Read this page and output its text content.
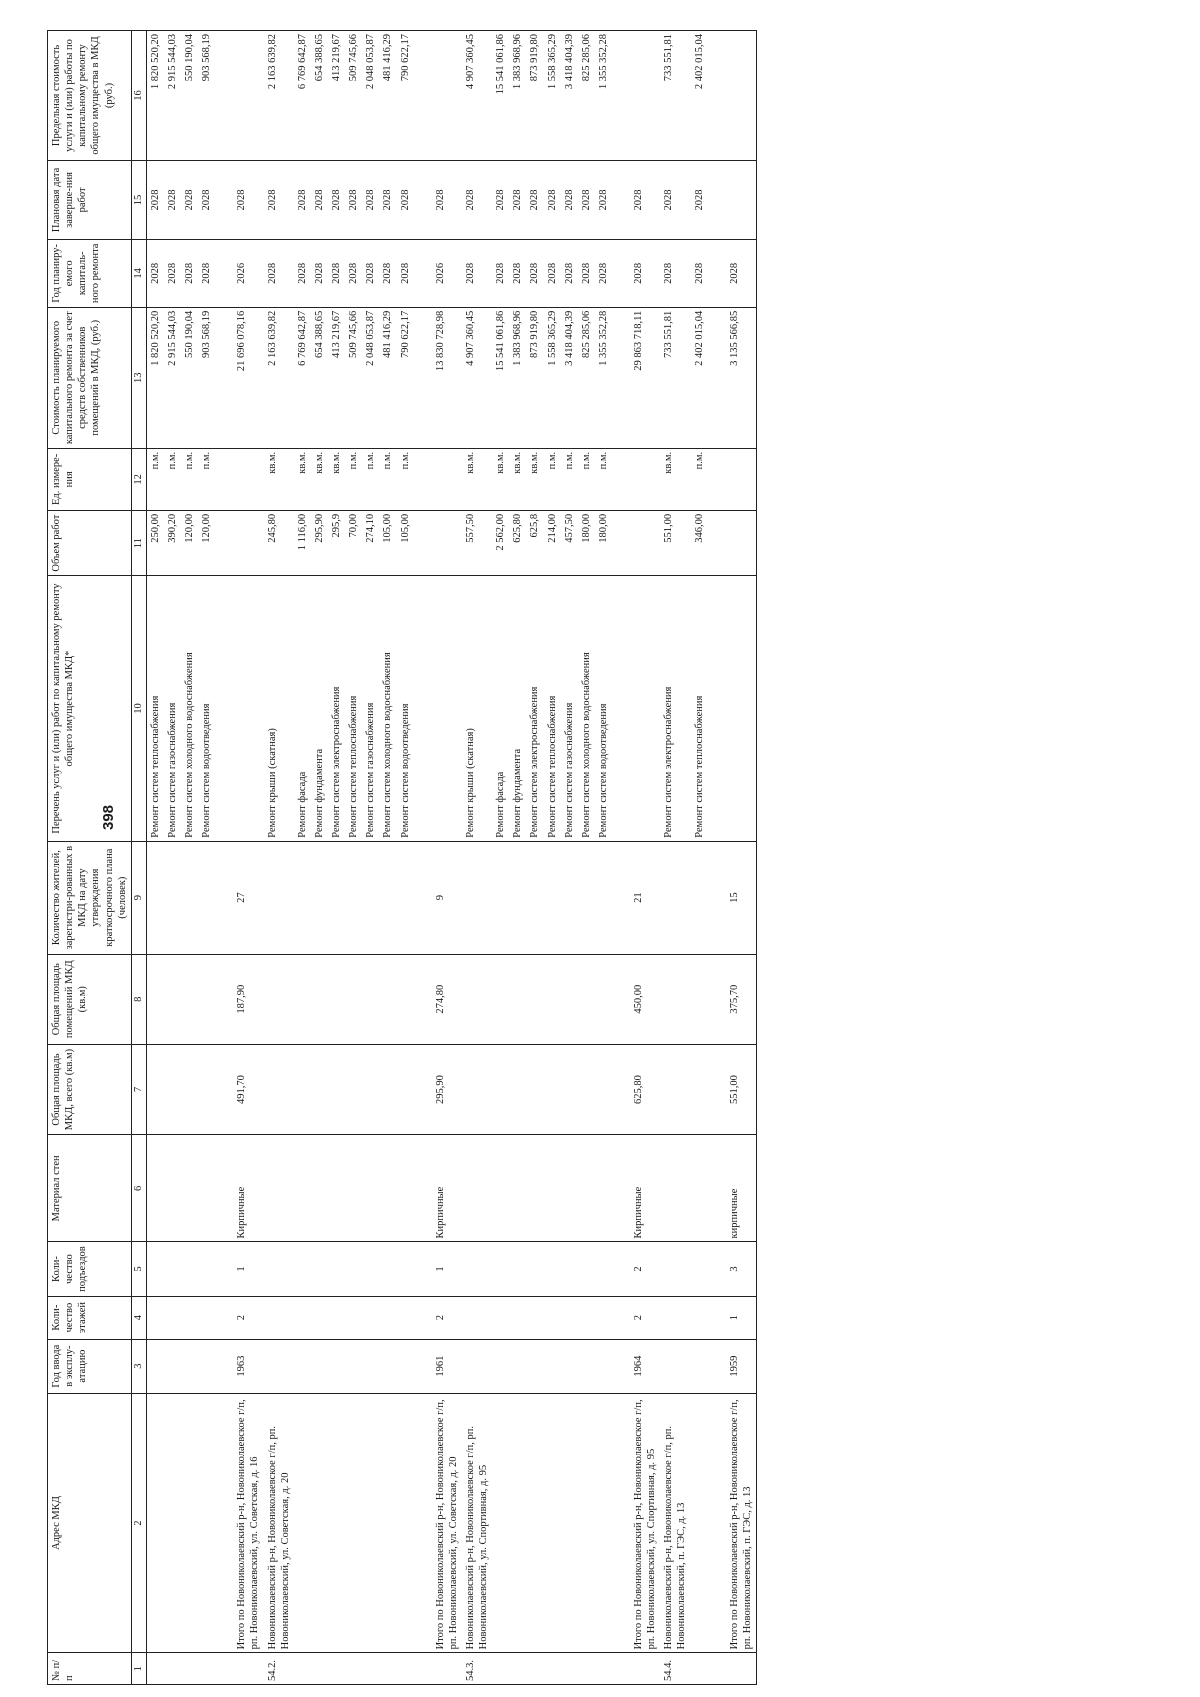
398
№ п/п	Адрес МКД	Год ввода в эксплу-атацию	Коли-чество этажей	Коли-чество подъездов	Материал стен	Общая площадь МКД, всего (кв.м)	Общая площадь помещений МКД (кв.м)	Количество жителей, зарегистри-рованных в МКД на дату утверждения краткосрочного плана (человек)	Перечень услуг и (или) работ по капитальному ремонту общего имущества МКД*	Объем работ	Ед. измере-ния	Стоимость планируемого капитального ремонта за счет средств собственников помещений в МКД, (руб.)	Год планиру-емого капиталь-ного ремонта	Плановая дата заверше-ния работ	Предельная стоимость услуги и (или) работы по капитальному ремонту общего имущества в МКД (руб.)
1	2	3	4	5	6	7	8	9	10	11	12	13	14	15	16
									Ремонт систем теплоснабжения	250,00	п.м.	1 820 520,20	2028	2028	1 820 520,20
									Ремонт систем газоснабжения	390,20	п.м.	2 915 544,03	2028	2028	2 915 544,03
									Ремонт систем холодного водоснабжения	120,00	п.м.	550 190,04	2028	2028	550 190,04
									Ремонт систем водоотведения	120,00	п.м.	903 568,19	2028	2028	903 568,19

	Итого по Новониколаевский р-н, Новониколаевское г/п, рп. Новониколаевский, ул. Советская, д. 16	1963	2	1	Кирпичные	491,70	187,90	27				21 696 078,16	2026	2028	
54.2.	Новониколаевский р-н, Новониколаевское г/п, рп. Новониколаевский, ул. Советская, д. 20								Ремонт крыши (скатная)	245,80	кв.м.	2 163 639,82	2028	2028	2 163 639,82
									Ремонт фасада	1 116,00	кв.м.	6 769 642,87	2028	2028	6 769 642,87
									Ремонт фундамента	295,90	кв.м.	654 388,65	2028	2028	654 388,65
									Ремонт систем электроснабжения	295,9	кв.м.	413 219,67	2028	2028	413 219,67
									Ремонт систем теплоснабжения	70,00	п.м.	509 745,66	2028	2028	509 745,66
									Ремонт систем газоснабжения	274,10	п.м.	2 048 053,87	2028	2028	2 048 053,87
									Ремонт систем холодного водоснабжения	105,00	п.м.	481 416,29	2028	2028	481 416,29
									Ремонт систем водоотведения	105,00	п.м.	790 622,17	2028	2028	790 622,17

	Итого по Новониколаевский р-н, Новониколаевское г/п, рп. Новониколаевский, ул. Советская, д. 20	1961	2	1	Кирпичные	295,90	274,80	9				13 830 728,98	2026	2028	
54.3.	Новониколаевский р-н, Новониколаевское г/п, рп. Новониколаевский, ул. Спортивная, д. 95								Ремонт крыши (скатная)	557,50	кв.м.	4 907 360,45	2028	2028	4 907 360,45
									Ремонт фасада	2 562,00	кв.м.	15 541 061,86	2028	2028	15 541 061,86
									Ремонт фундамента	625,80	кв.м.	1 383 968,96	2028	2028	1 383 968,96
									Ремонт систем электроснабжения	625,8	кв.м.	873 919,80	2028	2028	873 919,80
									Ремонт систем теплоснабжения	214,00	п.м.	1 558 365,29	2028	2028	1 558 365,29
									Ремонт систем газоснабжения	457,50	п.м.	3 418 404,39	2028	2028	3 418 404,39
									Ремонт систем холодного водоснабжения	180,00	п.м.	825 285,06	2028	2028	825 285,06
									Ремонт систем водоотведения	180,00	п.м.	1 355 352,28	2028	2028	1 355 352,28

	Итого по Новониколаевский р-н, Новониколаевское г/п, рп. Новониколаевский, ул. Спортивная, д. 95	1964	2	2	Кирпичные	625,80	450,00	21				29 863 718,11	2028	2028	
54.4.	Новониколаевский р-н, Новониколаевское г/п, рп. Новониколаевский, п. ГЭС, д. 13								Ремонт систем электроснабжения	551,00	кв.м.	733 551,81	2028	2028	733 551,81
									Ремонт систем теплоснабжения	346,00	п.м.	2 402 015,04	2028	2028	2 402 015,04

	Итого по Новониколаевский р-н, Новониколаевское г/п, рп. Новониколаевский, п. ГЭС, д. 13	1959	1	3	кирпичные	551,00	375,70	15				3 135 566,85	2028		
